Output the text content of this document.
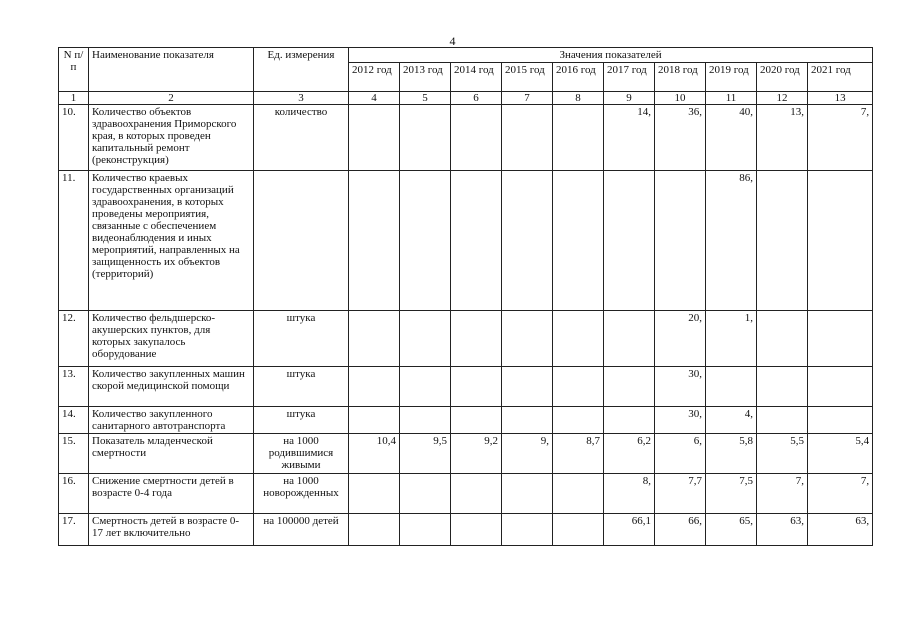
4
N п/п	Наименование показателя	Ед. измерения	Значения показателей									
			2012 год	2013 год	2014 год	2015 год	2016 год	2017 год	2018 год	2019 год	2020 год	2021 год
1	2	3	4	5	6	7	8	9	10	11	12	13
10.	Количество объектов здравоохранения Приморского края, в которых проведен капитальный ремонт (реконструкция)	количество						14,	36,	40,	13,	7,
11.	Количество краевых государственных организаций здравоохранения, в которых проведены мероприятия, связанные с обеспечением видеонаблюдения и иных мероприятий, направленных на защищенность их объектов (территорий)									86,		
12.	Количество фельдшерско-акушерских пунктов, для которых закупалось оборудование	штука							20,	1,		
13.	Количество закупленных машин скорой медицинской помощи	штука							30,			
14.	Количество закупленного санитарного автотранспорта	штука							30,	4,		
15.	Показатель младенческой смертности	на 1000 родившимися живыми	10,4	9,5	9,2	9,	8,7	6,2	6,	5,8	5,5	5,4
16.	Снижение смертности детей в возрасте 0-4 года	на 1000 новорожденных						8,	7,7	7,5	7,	7,
17.	Смертность детей в возрасте 0-17 лет включительно	на 100000 детей						66,1	66,	65,	63,	63,
